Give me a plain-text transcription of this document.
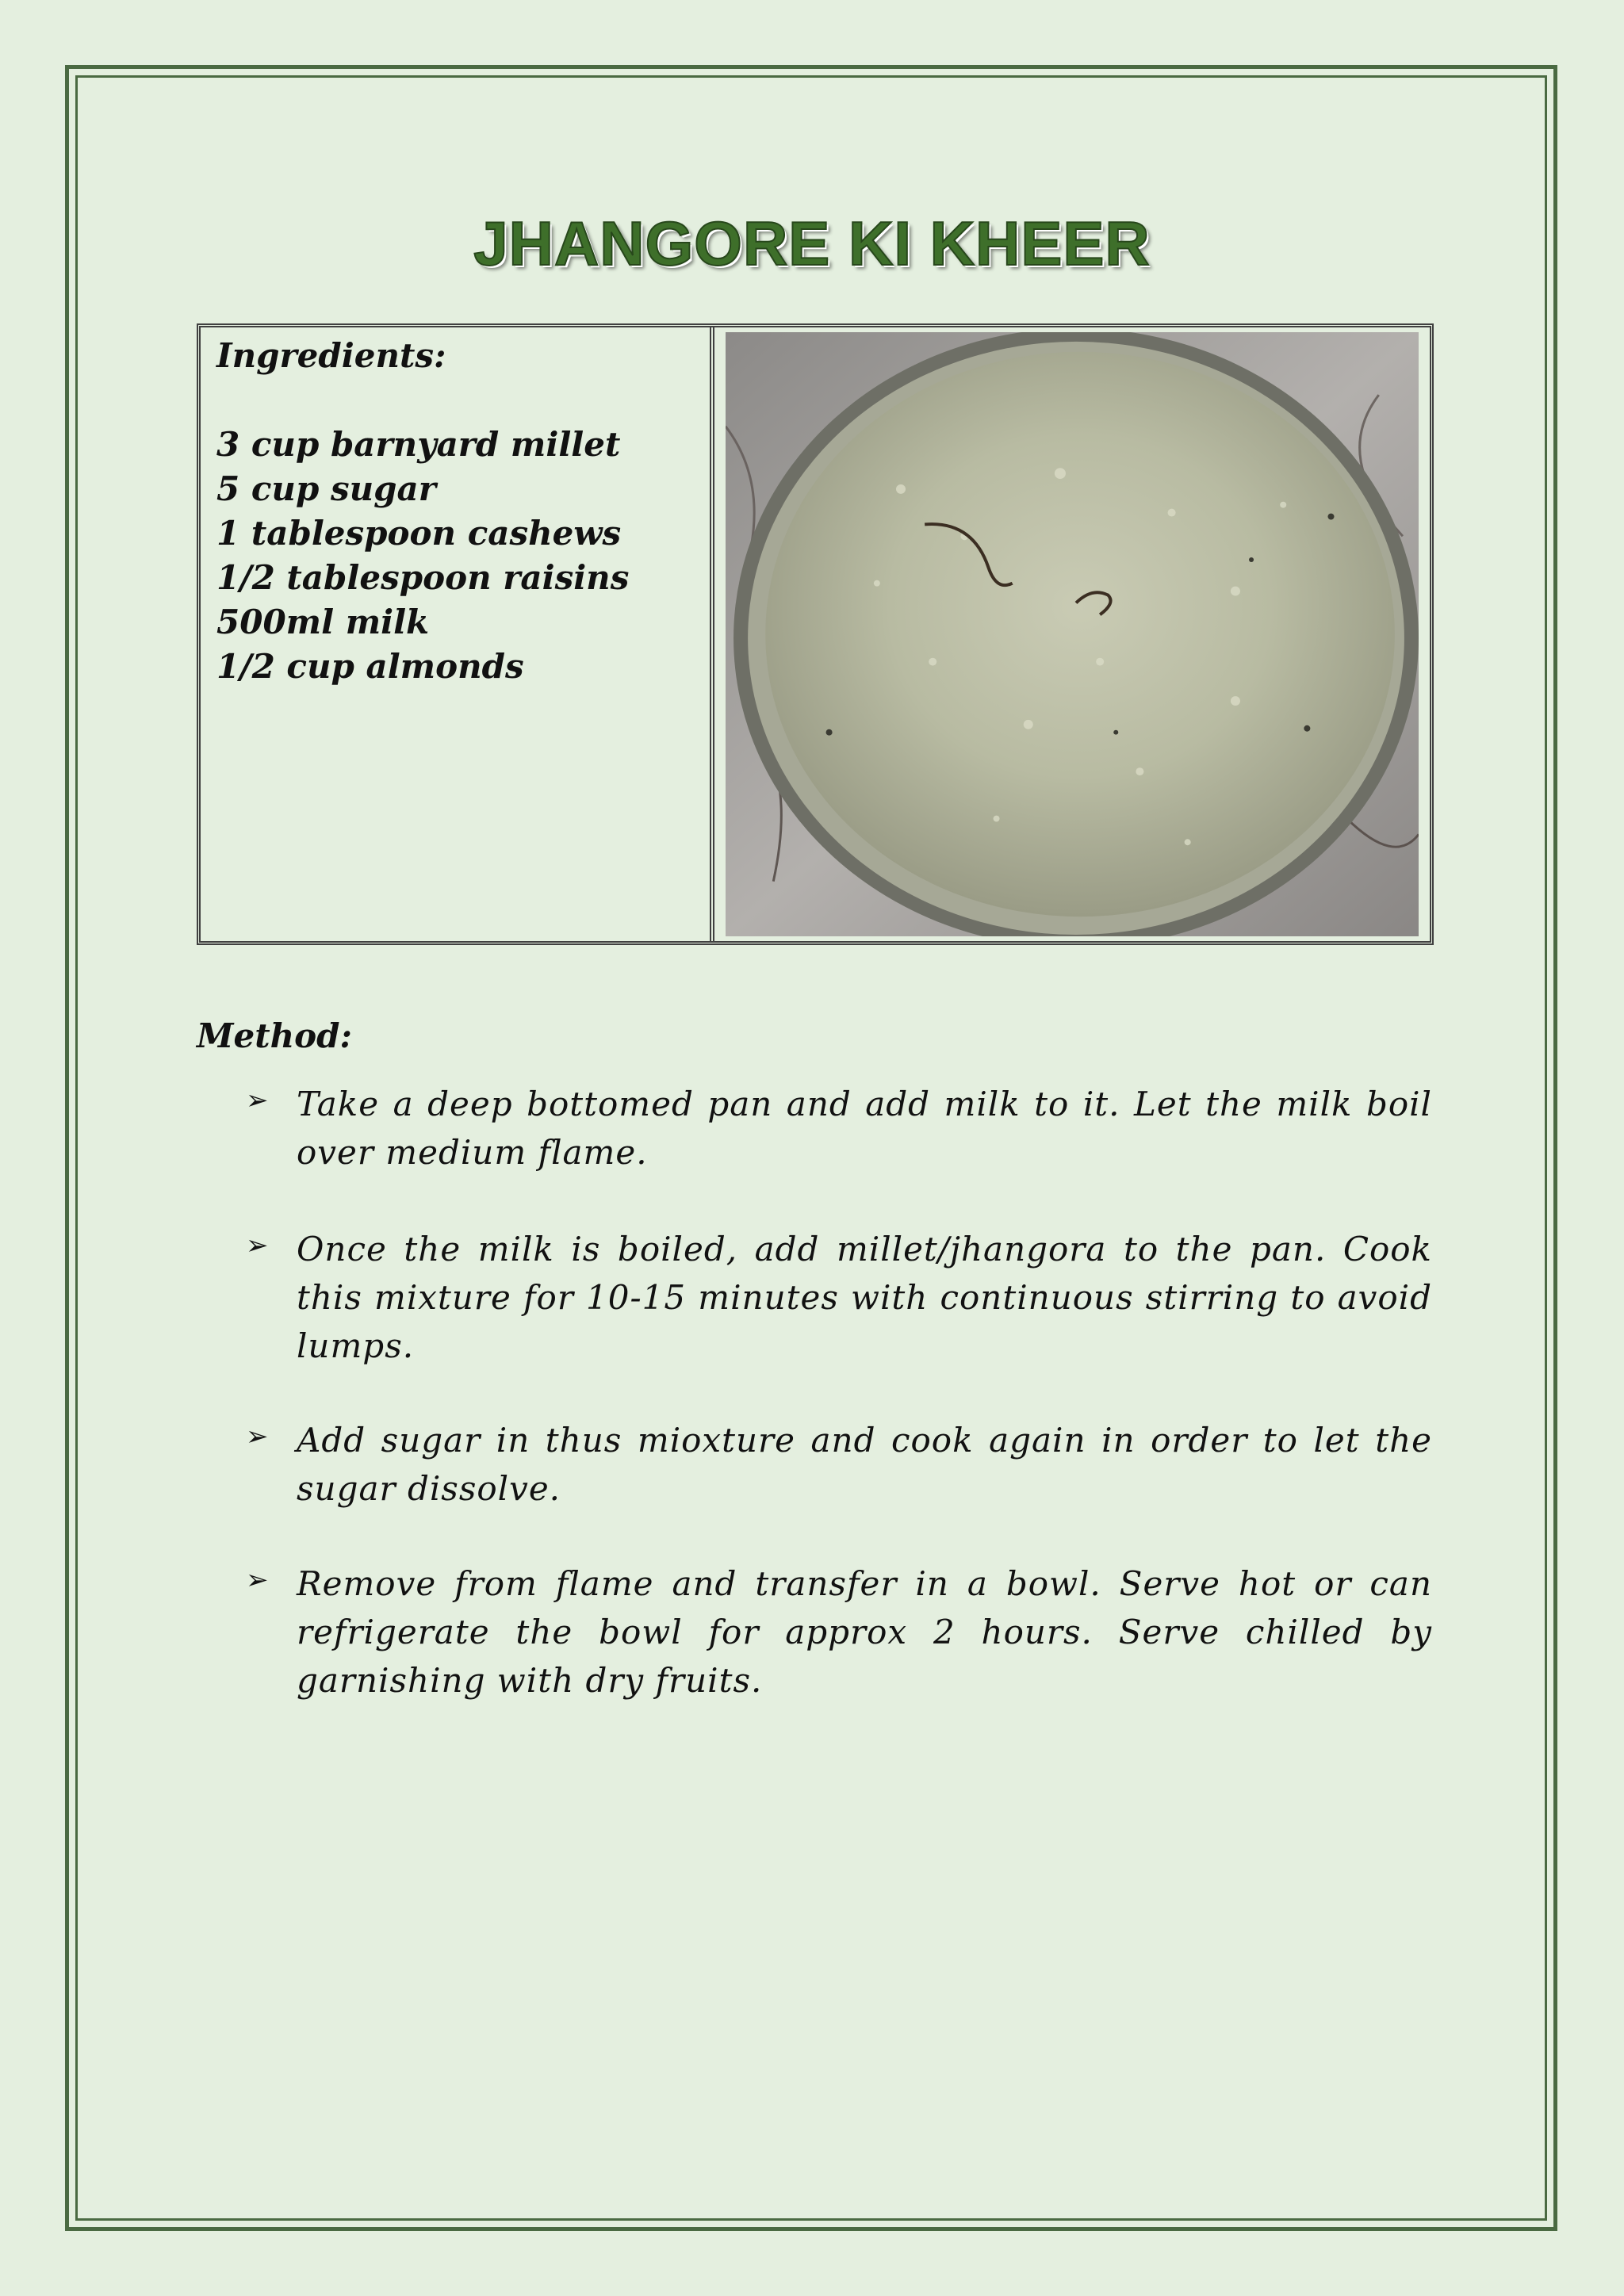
JHANGORE KI KHEER
Ingredients:
3 cup barnyard millet
5 cup sugar
1 tablespoon cashews
1/2 tablespoon raisins
500ml milk
1/2 cup almonds
Method:
➢ Take a deep bottomed pan and add milk to it. Let the milk boil over medium flame.
➢ Once the milk is boiled, add millet/jhangora to the pan. Cook this mixture for 10-15 minutes with continuous stirring to avoid lumps.
➢ Add sugar in thus mioxture and cook again in order to let the sugar dissolve.
➢ Remove from flame and transfer in a bowl. Serve hot or can refrigerate the bowl for approx 2 hours. Serve chilled by garnishing with dry fruits.
